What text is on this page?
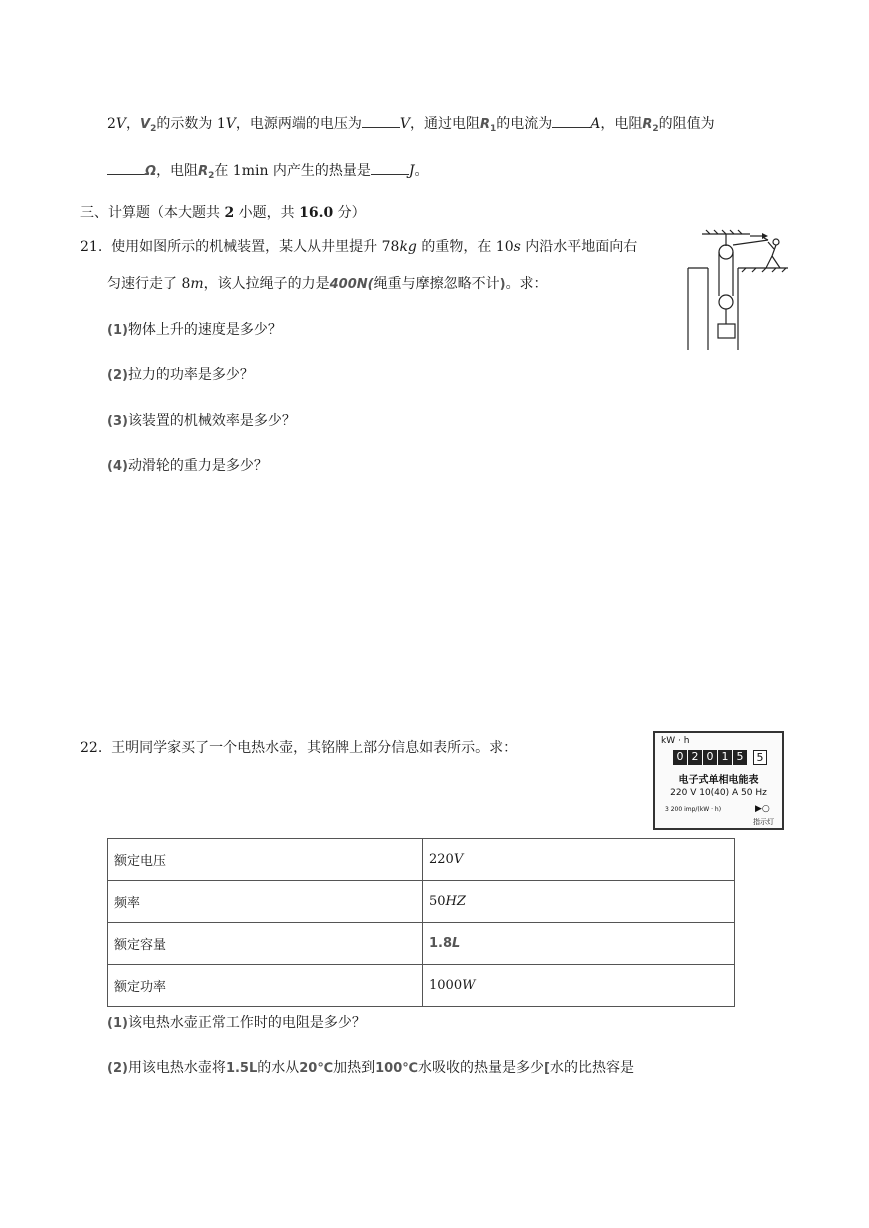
2V，$V_2$的示数为 1V，电源两端的电压为	V，通过电阻$R_1$的电流为	A，电阻$R_2$的阻值为
Ω，电阻$R_2$在 1min 内产生的热量是	J。
三、计算题（本大题共 2 小题，共 16.0 分）
21. 使用如图所示的机械装置，某人从井里提升 78kg 的重物，在 10s 内沿水平地面向右
匀速行走了 8m，该人拉绳子的力是400N(绳重与摩擦忽略不计)。求：
(1)物体上升的速度是多少？
(2)拉力的功率是多少？
(3)该装置的机械效率是多少？
(4)动滑轮的重力是多少？
22. 王明同学家买了一个电热水壶，其铭牌上部分信息如表所示。求：	kW · h
0 2 0 1 5	5
电子式单相电能表
220 V 10(40) A 50 Hz
3 200 imp/(kW · h)	▶○
指示灯
额定电压	220V
频率	50HZ
额定容量	1.8L
额定功率	1000W
(1)该电热水壶正常工作时的电阻是多少？
(2)用该电热水壶将1.5L的水从20℃加热到100℃水吸收的热量是多少[水的比热容是
